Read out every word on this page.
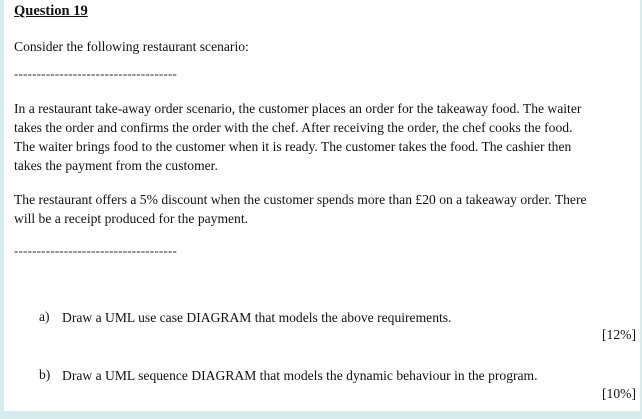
Question 19
Consider the following restaurant scenario:
------------------------------------
In a restaurant take-away order scenario, the customer places an order for the takeaway food. The waiter
takes the order and confirms the order with the chef. After receiving the order, the chef cooks the food.
The waiter brings food to the customer when it is ready. The customer takes the food. The cashier then
takes the payment from the customer.
The restaurant offers a 5% discount when the customer spends more than £20 on a takeaway order. There
will be a receipt produced for the payment.
------------------------------------
a) Draw a UML use case DIAGRAM that models the above requirements.
[12%]
b) Draw a UML sequence DIAGRAM that models the dynamic behaviour in the program.
[10%]
